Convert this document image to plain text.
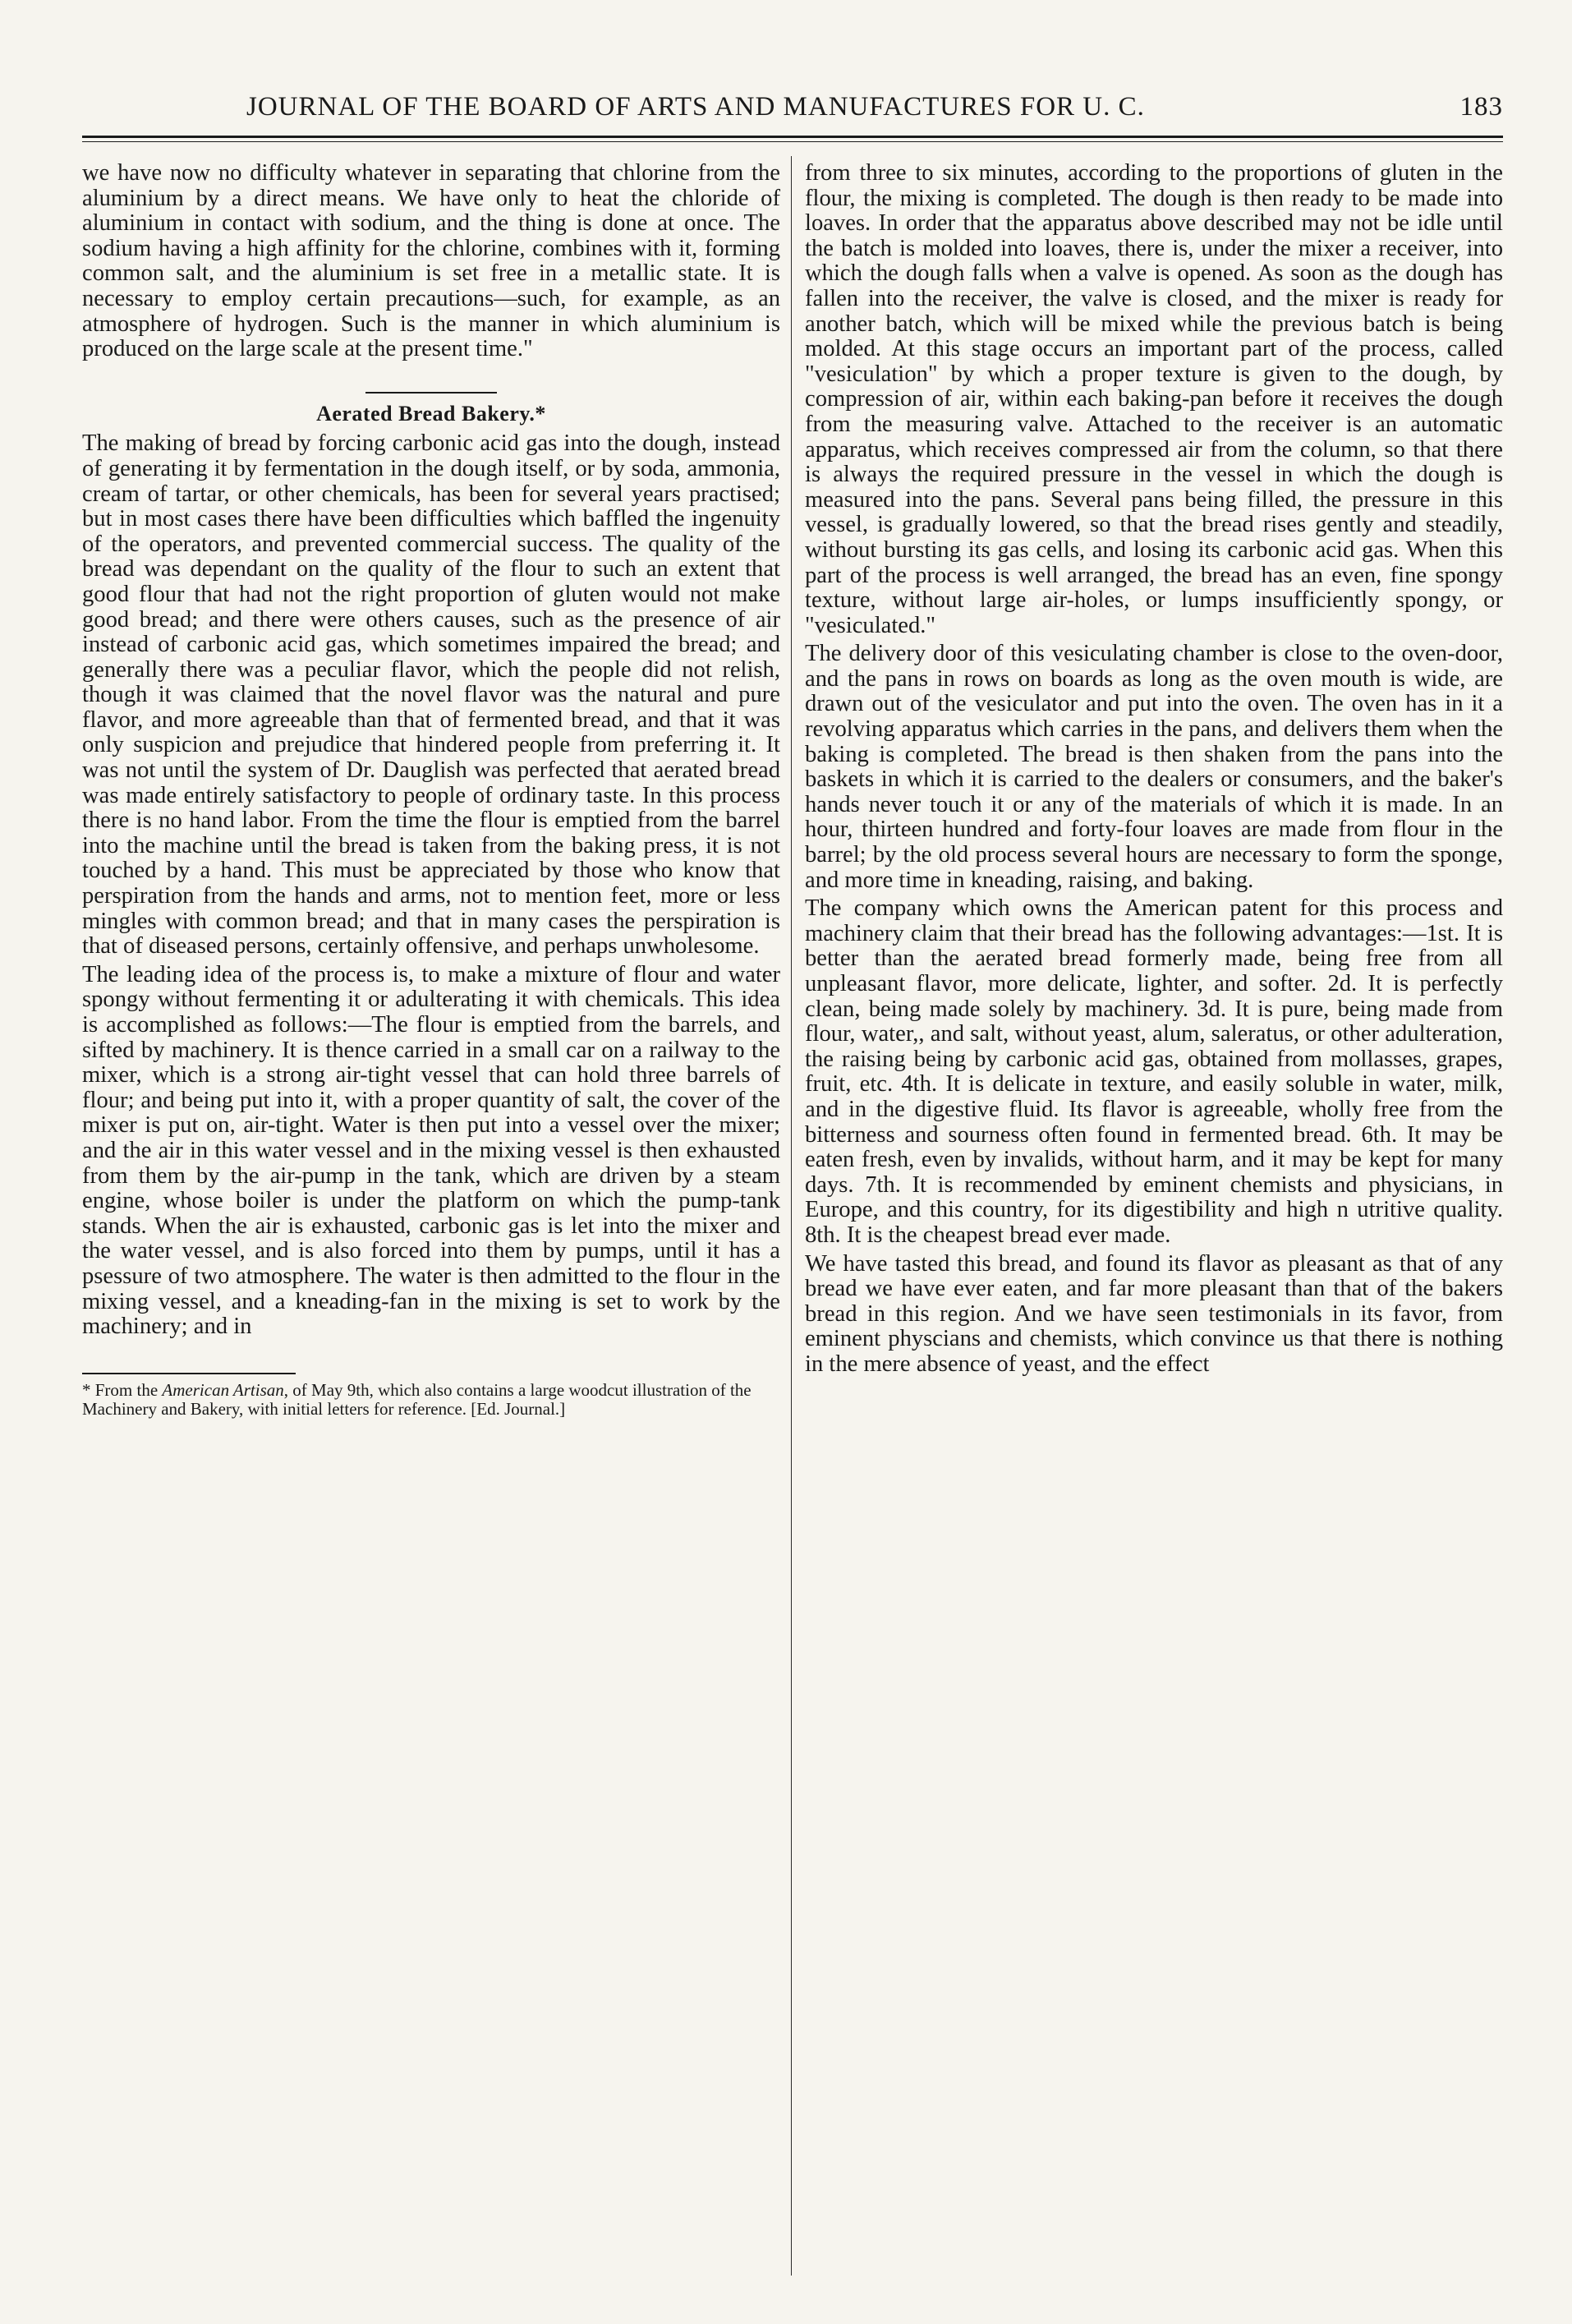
JOURNAL OF THE BOARD OF ARTS AND MANUFACTURES FOR U. C.	183

we have now no difficulty whatever in separating that chlorine from the aluminium by a direct means. We have only to heat the chloride of aluminium in contact with sodium, and the thing is done at once. The sodium having a high affinity for the chlorine, combines with it, forming common salt, and the aluminium is set free in a metallic state. It is necessary to employ certain precautions—such, for example, as an atmosphere of hydrogen. Such is the manner in which aluminium is produced on the large scale at the present time."

Aerated Bread Bakery.*

The making of bread by forcing carbonic acid gas into the dough, instead of generating it by fermentation in the dough itself, or by soda, ammonia, cream of tartar, or other chemicals, has been for several years practised; but in most cases there have been difficulties which baffled the ingenuity of the operators, and prevented commercial success. The quality of the bread was dependant on the quality of the flour to such an extent that good flour that had not the right proportion of gluten would not make good bread; and there were others causes, such as the presence of air instead of carbonic acid gas, which sometimes impaired the bread; and generally there was a peculiar flavor, which the people did not relish, though it was claimed that the novel flavor was the natural and pure flavor, and more agreeable than that of fermented bread, and that it was only suspicion and prejudice that hindered people from preferring it. It was not until the system of Dr. Dauglish was perfected that aerated bread was made entirely satisfactory to people of ordinary taste. In this process there is no hand labor. From the time the flour is emptied from the barrel into the machine until the bread is taken from the baking press, it is not touched by a hand. This must be appreciated by those who know that perspiration from the hands and arms, not to mention feet, more or less mingles with common bread; and that in many cases the perspiration is that of diseased persons, certainly offensive, and perhaps unwholesome.

The leading idea of the process is, to make a mixture of flour and water spongy without fermenting it or adulterating it with chemicals. This idea is accomplished as follows:—The flour is emptied from the barrels, and sifted by machinery. It is thence carried in a small car on a railway to the mixer, which is a strong air-tight vessel that can hold three barrels of flour; and being put into it, with a proper quantity of salt, the cover of the mixer is put on, air-tight. Water is then put into a vessel over the mixer; and the air in this water vessel and in the mixing vessel is then exhausted from them by the air-pump in the tank, which are driven by a steam engine, whose boiler is under the platform on which the pump-tank stands. When the air is exhausted, carbonic gas is let into the mixer and the water vessel, and is also forced into them by pumps, until it has a psessure of two atmosphere. The water is then admitted to the flour in the mixing vessel, and a kneading-fan in the mixing is set to work by the machinery; and in

* From the American Artisan, of May 9th, which also contains a large woodcut illustration of the Machinery and Bakery, with initial letters for reference. [Ed. Journal.]

from three to six minutes, according to the proportions of gluten in the flour, the mixing is completed. The dough is then ready to be made into loaves. In order that the apparatus above described may not be idle until the batch is molded into loaves, there is, under the mixer a receiver, into which the dough falls when a valve is opened. As soon as the dough has fallen into the receiver, the valve is closed, and the mixer is ready for another batch, which will be mixed while the previous batch is being molded. At this stage occurs an important part of the process, called "vesiculation" by which a proper texture is given to the dough, by compression of air, within each baking-pan before it receives the dough from the measuring valve. Attached to the receiver is an automatic apparatus, which receives compressed air from the column, so that there is always the required pressure in the vessel in which the dough is measured into the pans. Several pans being filled, the pressure in this vessel, is gradually lowered, so that the bread rises gently and steadily, without bursting its gas cells, and losing its carbonic acid gas. When this part of the process is well arranged, the bread has an even, fine spongy texture, without large air-holes, or lumps insufficiently spongy, or "vesiculated."

The delivery door of this vesiculating chamber is close to the oven-door, and the pans in rows on boards as long as the oven mouth is wide, are drawn out of the vesiculator and put into the oven. The oven has in it a revolving apparatus which carries in the pans, and delivers them when the baking is completed. The bread is then shaken from the pans into the baskets in which it is carried to the dealers or consumers, and the baker's hands never touch it or any of the materials of which it is made. In an hour, thirteen hundred and forty-four loaves are made from flour in the barrel; by the old process several hours are necessary to form the sponge, and more time in kneading, raising, and baking.

The company which owns the American patent for this process and machinery claim that their bread has the following advantages:—1st. It is better than the aerated bread formerly made, being free from all unpleasant flavor, more delicate, lighter, and softer. 2d. It is perfectly clean, being made solely by machinery. 3d. It is pure, being made from flour, water,, and salt, without yeast, alum, saleratus, or other adulteration, the raising being by carbonic acid gas, obtained from mollasses, grapes, fruit, etc. 4th. It is delicate in texture, and easily soluble in water, milk, and in the digestive fluid. Its flavor is agreeable, wholly free from the bitterness and sourness often found in fermented bread. 6th. It may be eaten fresh, even by invalids, without harm, and it may be kept for many days. 7th. It is recommended by eminent chemists and physicians, in Europe, and this country, for its digestibility and high n utritive quality. 8th. It is the cheapest bread ever made.

We have tasted this bread, and found its flavor as pleasant as that of any bread we have ever eaten, and far more pleasant than that of the bakers bread in this region. And we have seen testimonials in its favor, from eminent physcians and chemists, which convince us that there is nothing in the mere absence of yeast, and the effect
